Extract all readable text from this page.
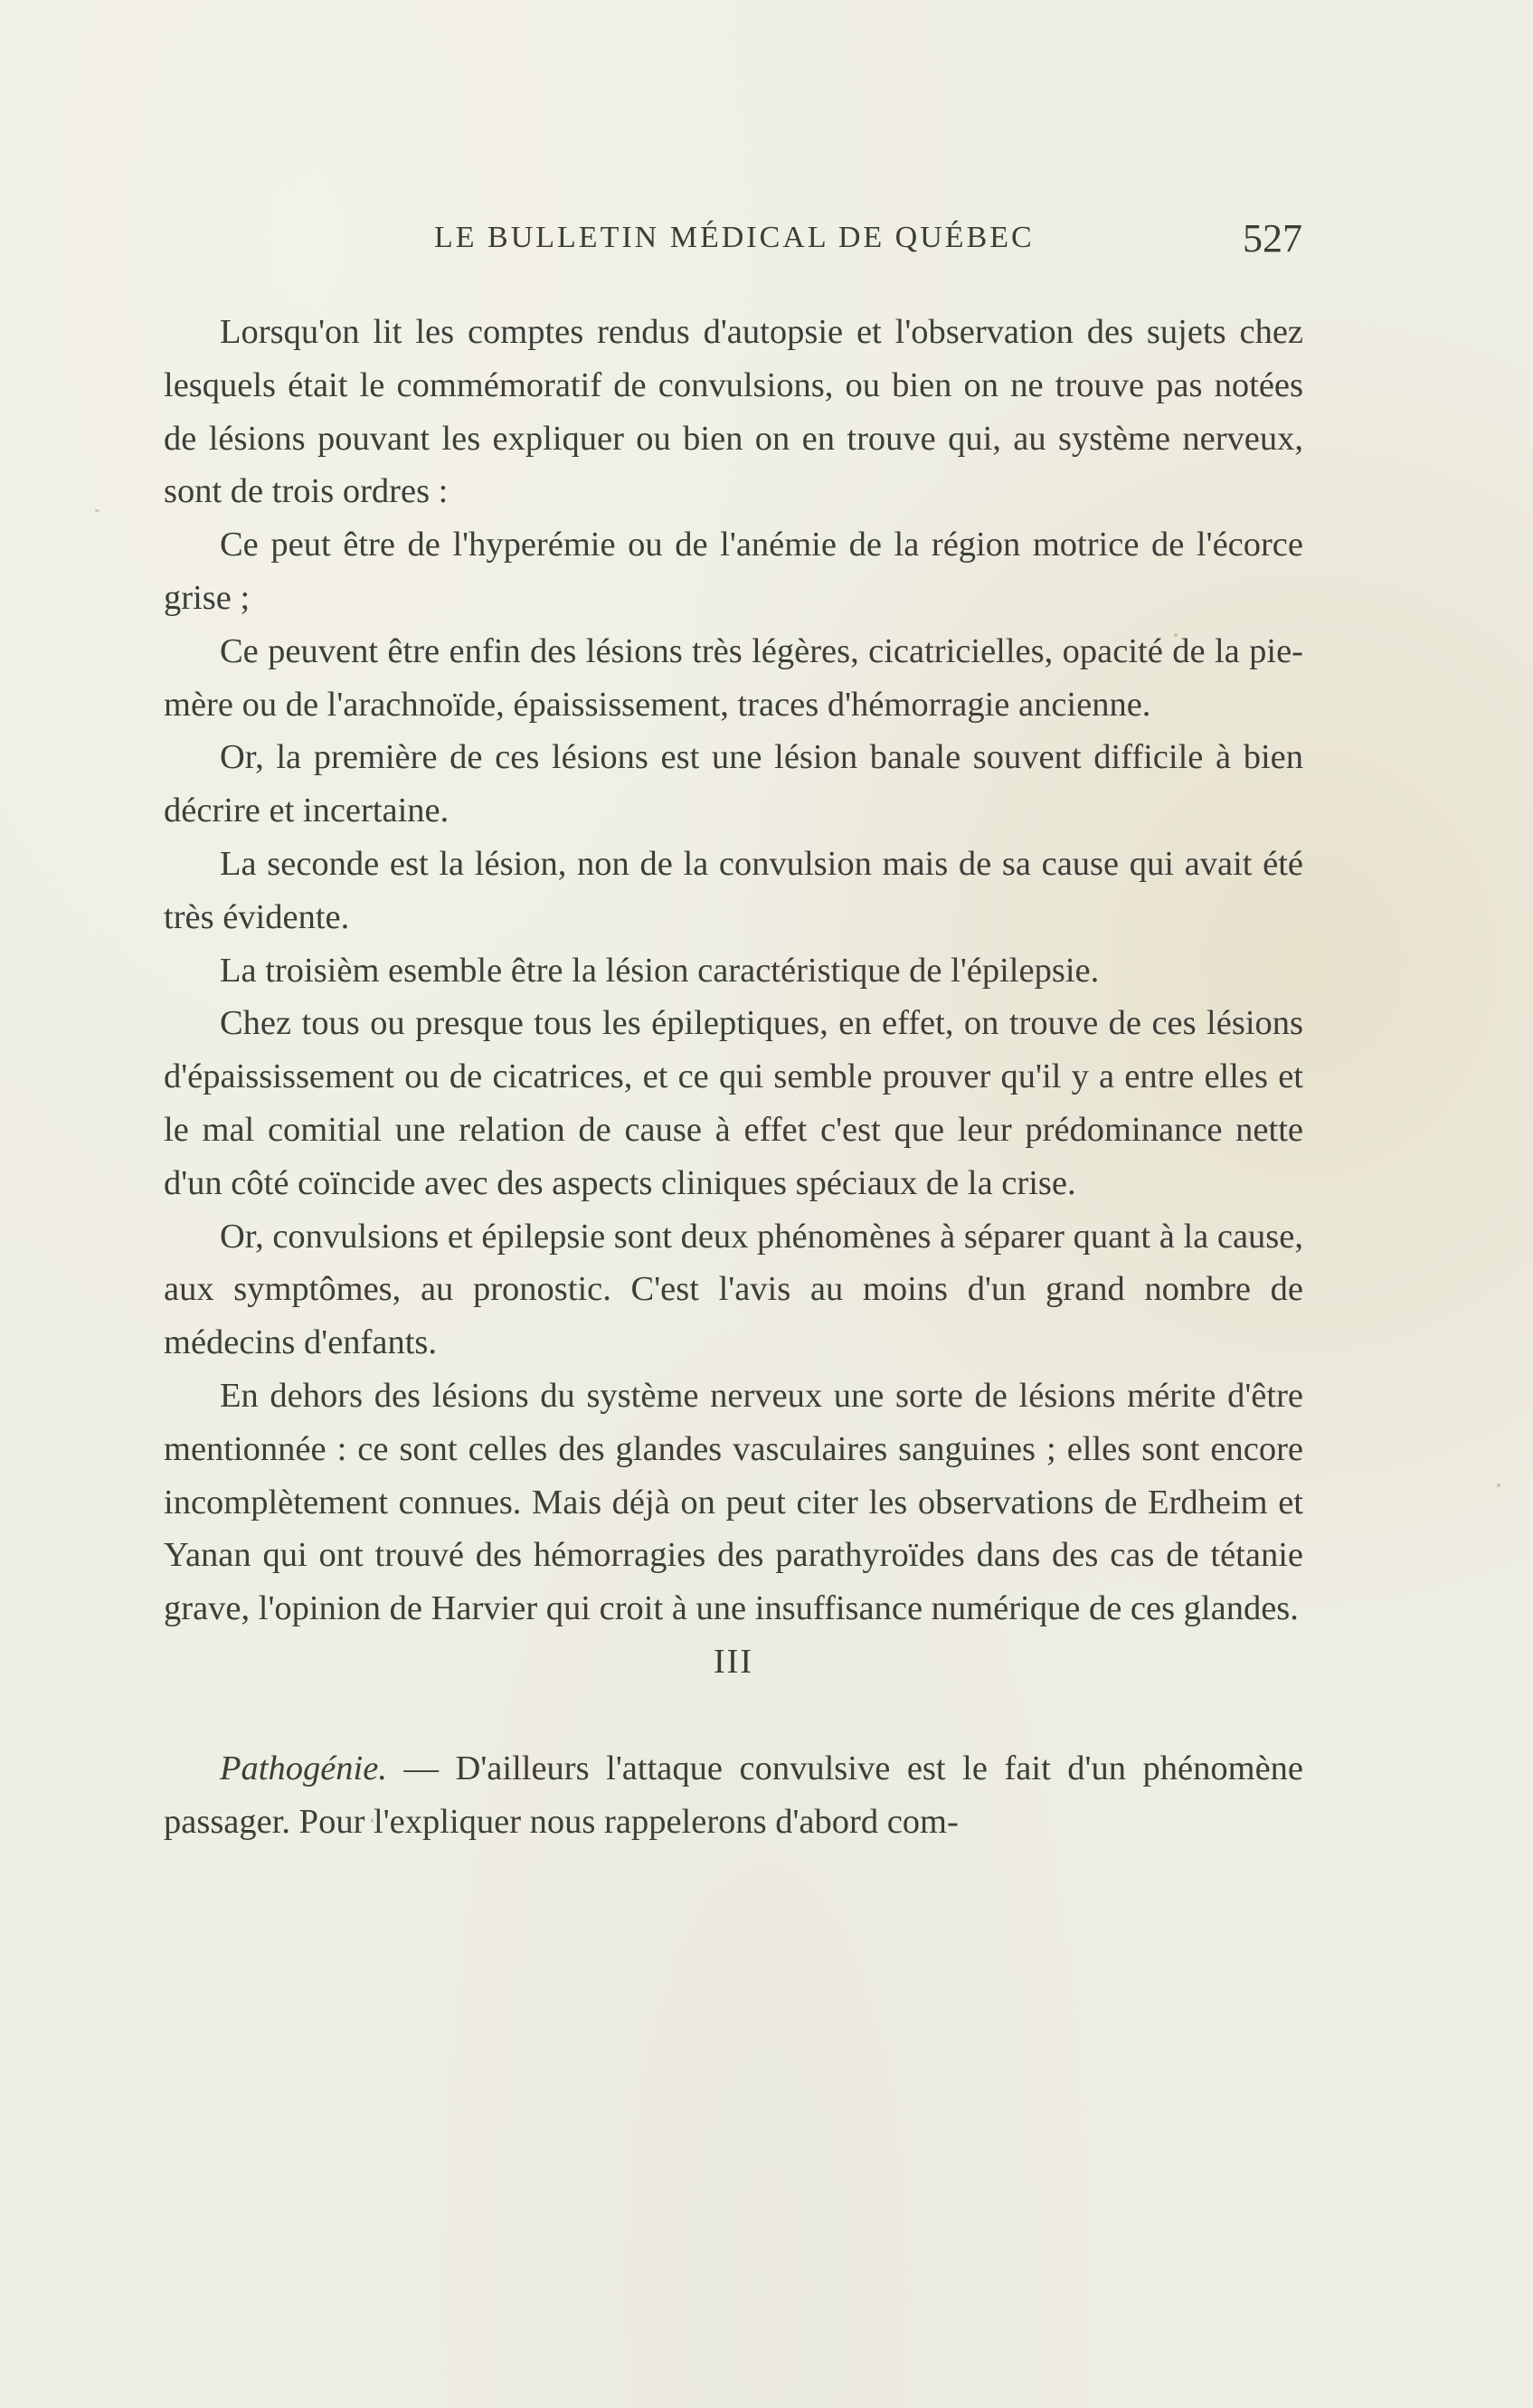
LE BULLETIN MÉDICAL DE QUÉBEC	527

Lorsqu'on lit les comptes rendus d'autopsie et l'observation des sujets chez lesquels était le commémoratif de convulsions, ou bien on ne trouve pas notées de lésions pouvant les expliquer ou bien on en trouve qui, au système nerveux, sont de trois ordres :

Ce peut être de l'hyperémie ou de l'anémie de la région motrice de l'écorce grise ;

Ce peuvent être enfin des lésions très légères, cicatricielles, opacité de la pie-mère ou de l'arachnoïde, épaississement, traces d'hémorragie ancienne.

Or, la première de ces lésions est une lésion banale souvent difficile à bien décrire et incertaine.

La seconde est la lésion, non de la convulsion mais de sa cause qui avait été très évidente.

La troisièm esemble être la lésion caractéristique de l'épilepsie.

Chez tous ou presque tous les épileptiques, en effet, on trouve de ces lésions d'épaississement ou de cicatrices, et ce qui semble prouver qu'il y a entre elles et le mal comitial une relation de cause à effet c'est que leur prédominance nette d'un côté coïncide avec des aspects cliniques spéciaux de la crise.

Or, convulsions et épilepsie sont deux phénomènes à séparer quant à la cause, aux symptômes, au pronostic. C'est l'avis au moins d'un grand nombre de médecins d'enfants.

En dehors des lésions du système nerveux une sorte de lésions mérite d'être mentionnée : ce sont celles des glandes vasculaires sanguines ; elles sont encore incomplètement connues. Mais déjà on peut citer les observations de Erdheim et Yanan qui ont trouvé des hémorragies des parathyroïdes dans des cas de tétanie grave, l'opinion de Harvier qui croit à une insuffisance numérique de ces glandes.

III

Pathogénie. — D'ailleurs l'attaque convulsive est le fait d'un phénomène passager. Pour l'expliquer nous rappelerons d'abord com-
